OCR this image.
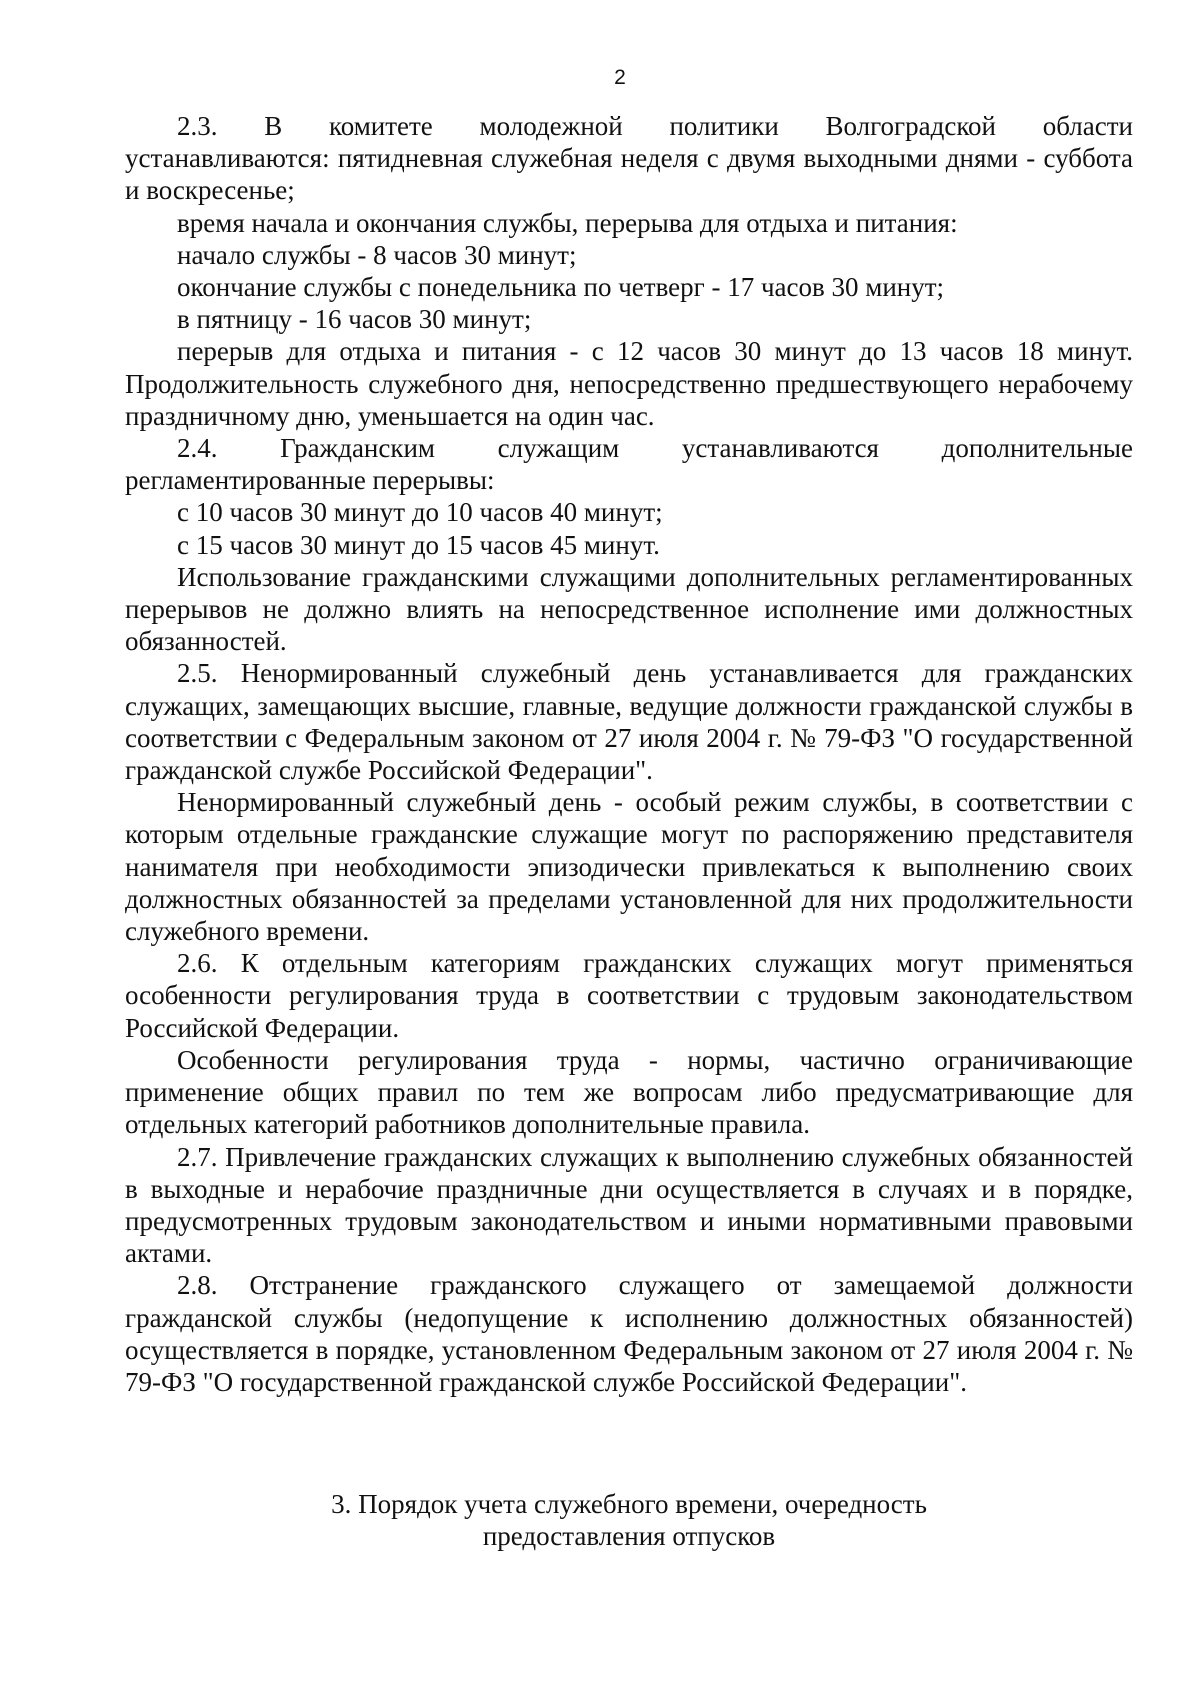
2

2.3. В комитете молодежной политики Волгоградской области

устанавливаются: пятидневная служебная неделя с двумя выходными днями - суббота и воскресенье;

время начала и окончания службы, перерыва для отдыха и питания:

начало службы - 8 часов 30 минут;

окончание службы с понедельника по четверг - 17 часов 30 минут;

в пятницу - 16 часов 30 минут;

перерыв для отдыха и питания - с 12 часов 30 минут до 13 часов 18 минут. Продолжительность служебного дня, непосредственно предшествующего нерабочему праздничному дню, уменьшается на один час.

2.4. Гражданским служащим устанавливаются дополнительные регламентированные перерывы:

с 10 часов 30 минут до 10 часов 40 минут;

с 15 часов 30 минут до 15 часов 45 минут.

Использование гражданскими служащими дополнительных регламентированных перерывов не должно влиять на непосредственное исполнение ими должностных обязанностей.

2.5. Ненормированный служебный день устанавливается для гражданских служащих, замещающих высшие, главные, ведущие должности гражданской службы в соответствии с Федеральным законом от 27 июля 2004 г. № 79-ФЗ "О государственной гражданской службе Российской Федерации".

Ненормированный служебный день - особый режим службы, в соответствии с которым отдельные гражданские служащие могут по распоряжению представителя нанимателя при необходимости эпизодически привлекаться к выполнению своих должностных обязанностей за пределами установленной для них продолжительности служебного времени.

2.6. К отдельным категориям гражданских служащих могут применяться особенности регулирования труда в соответствии с трудовым законодательством Российской Федерации.

Особенности регулирования труда - нормы, частично ограничивающие применение общих правил по тем же вопросам либо предусматривающие для отдельных категорий работников дополнительные правила.

2.7. Привлечение гражданских служащих к выполнению служебных обязанностей в выходные и нерабочие праздничные дни осуществляется в случаях и в порядке, предусмотренных трудовым законодательством и иными нормативными правовыми актами.

2.8. Отстранение гражданского служащего от замещаемой должности гражданской службы (недопущение к исполнению должностных обязанностей) осуществляется в порядке, установленном Федеральным законом от 27 июля 2004 г. № 79-ФЗ "О государственной гражданской службе Российской Федерации".

3. Порядок учета служебного времени, очередность
предоставления отпусков
